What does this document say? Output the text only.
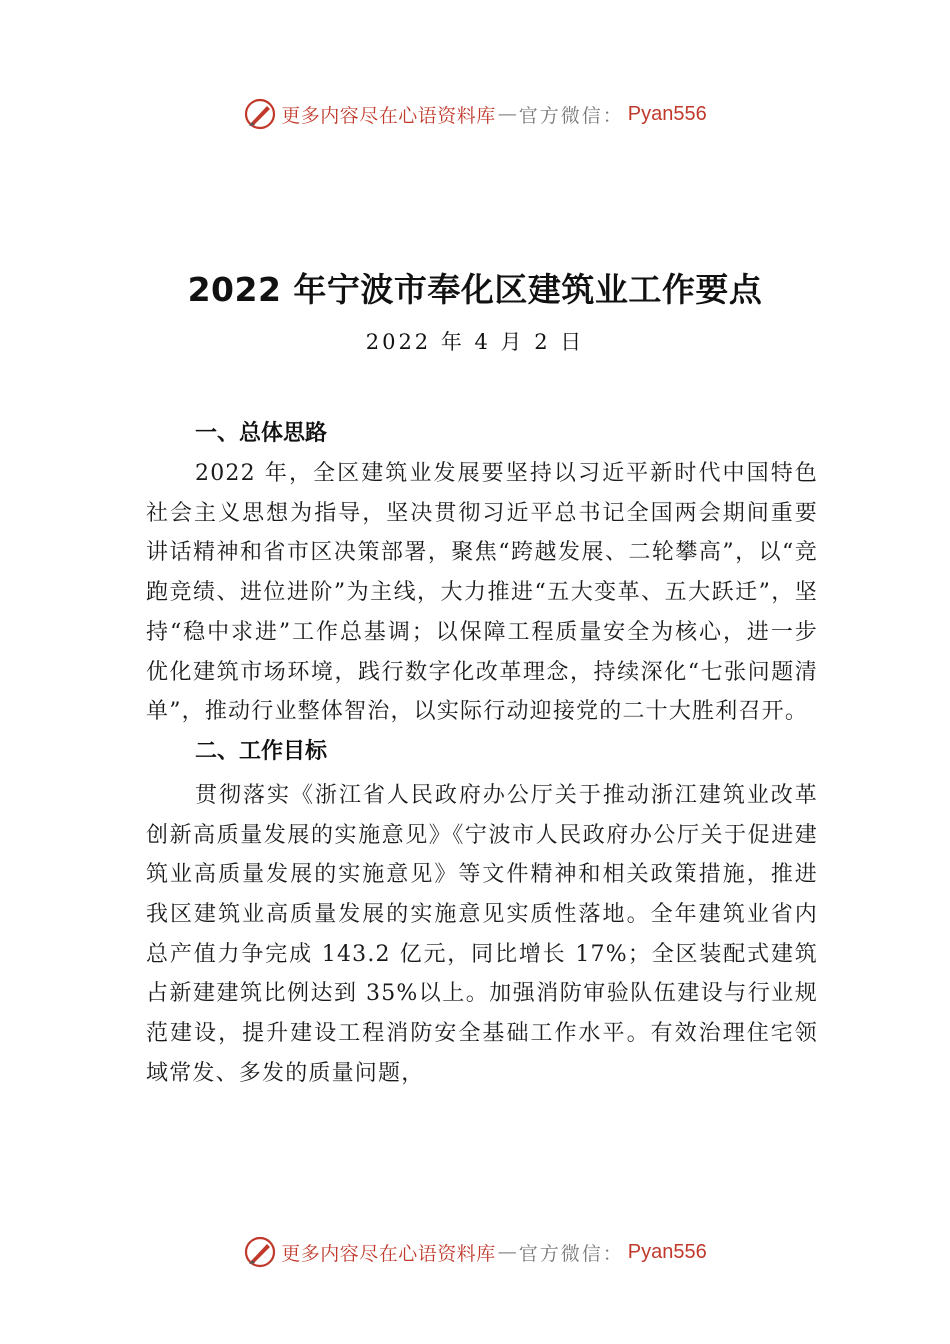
更多内容尽在心语资料库 — 官方微信： Pyan556
2022 年宁波市奉化区建筑业工作要点
2022 年 4 月 2 日
一、总体思路

2022 年，全区建筑业发展要坚持以习近平新时代中国特色社会主义思想为指导，坚决贯彻习近平总书记全国两会期间重要讲话精神和省市区决策部署，聚焦“跨越发展、二轮攀高”，以“竞跑竞绩、进位进阶”为主线，大力推进“五大变革、五大跃迁”，坚持“稳中求进”工作总基调；以保障工程质量安全为核心，进一步优化建筑市场环境，践行数字化改革理念，持续深化“七张问题清单”，推动行业整体智治，以实际行动迎接党的二十大胜利召开。

二、工作目标

贯彻落实《浙江省人民政府办公厅关于推动浙江建筑业改革创新高质量发展的实施意见》《宁波市人民政府办公厅关于促进建筑业高质量发展的实施意见》等文件精神和相关政策措施，推进我区建筑业高质量发展的实施意见实质性落地。全年建筑业省内总产值力争完成 143.2 亿元，同比增长 17%；全区装配式建筑占新建建筑比例达到 35%以上。加强消防审验队伍建设与行业规范建设，提升建设工程消防安全基础工作水平。有效治理住宅领域常发、多发的质量问题，

更多内容尽在心语资料库 — 官方微信： Pyan556
